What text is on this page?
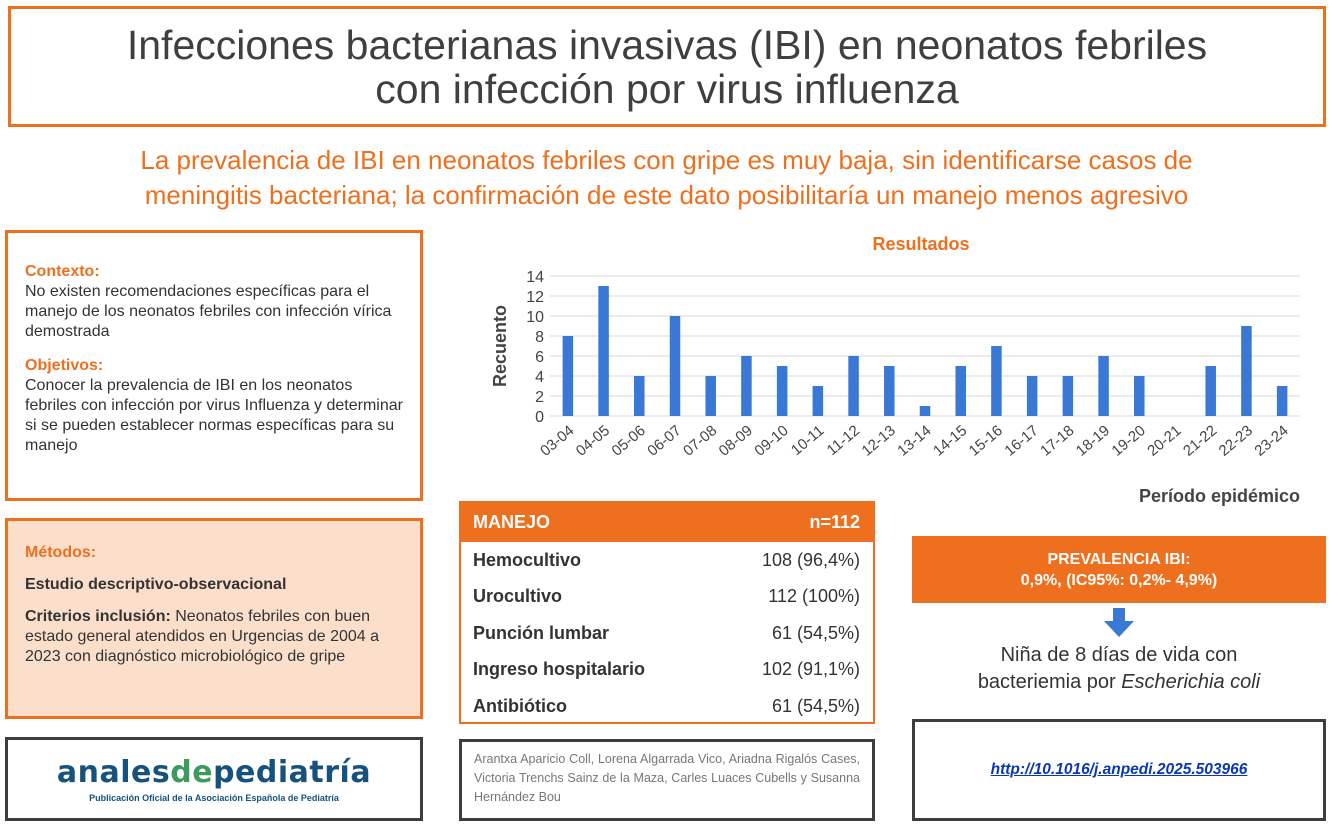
Infecciones bacterianas invasivas (IBI) en neonatos febriles
con infección por virus influenza
La prevalencia de IBI en neonatos febriles con gripe es muy baja, sin identificarse casos de
meningitis bacteriana; la confirmación de este dato posibilitaría un manejo menos agresivo
Contexto:
No existen recomendaciones específicas para el manejo de los neonatos febriles con infección vírica demostrada
Objetivos:
Conocer la prevalencia de IBI en los neonatos febriles con infección por virus Influenza y determinar si se pueden establecer normas específicas para su manejo
Métodos:
Estudio descriptivo-observacional
Criterios inclusión: Neonatos febriles con buen estado general atendidos en Urgencias de 2004 a 2023 con diagnóstico microbiológico de gripe
analesdepediatría
Publicación Oficial de la Asociación Española de Pediatría
Resultados
0
2
4
6
8
10
12
14
Recuento
03-04
04-05
05-06
06-07
07-08
08-09
09-10
10-11
11-12
12-13
13-14
14-15
15-16
16-17
17-18
18-19
19-20
20-21
21-22
22-23
23-24
Período epidémico
MANEJO	n=112
Hemocultivo	108 (96,4%)
Urocultivo	112 (100%)
Punción lumbar	61 (54,5%)
Ingreso hospitalario	102 (91,1%)
Antibiótico	61 (54,5%)
Arantxa Aparicio Coll, Lorena Algarrada Vico, Ariadna Rigalós Cases, Victoria Trenchs Sainz de la Maza, Carles Luaces Cubells y Susanna Hernández Bou
PREVALENCIA IBI:
0,9%, (IC95%: 0,2%- 4,9%)
Niña de 8 días de vida con
bacteriemia por Escherichia coli
http://10.1016/j.anpedi.2025.503966
